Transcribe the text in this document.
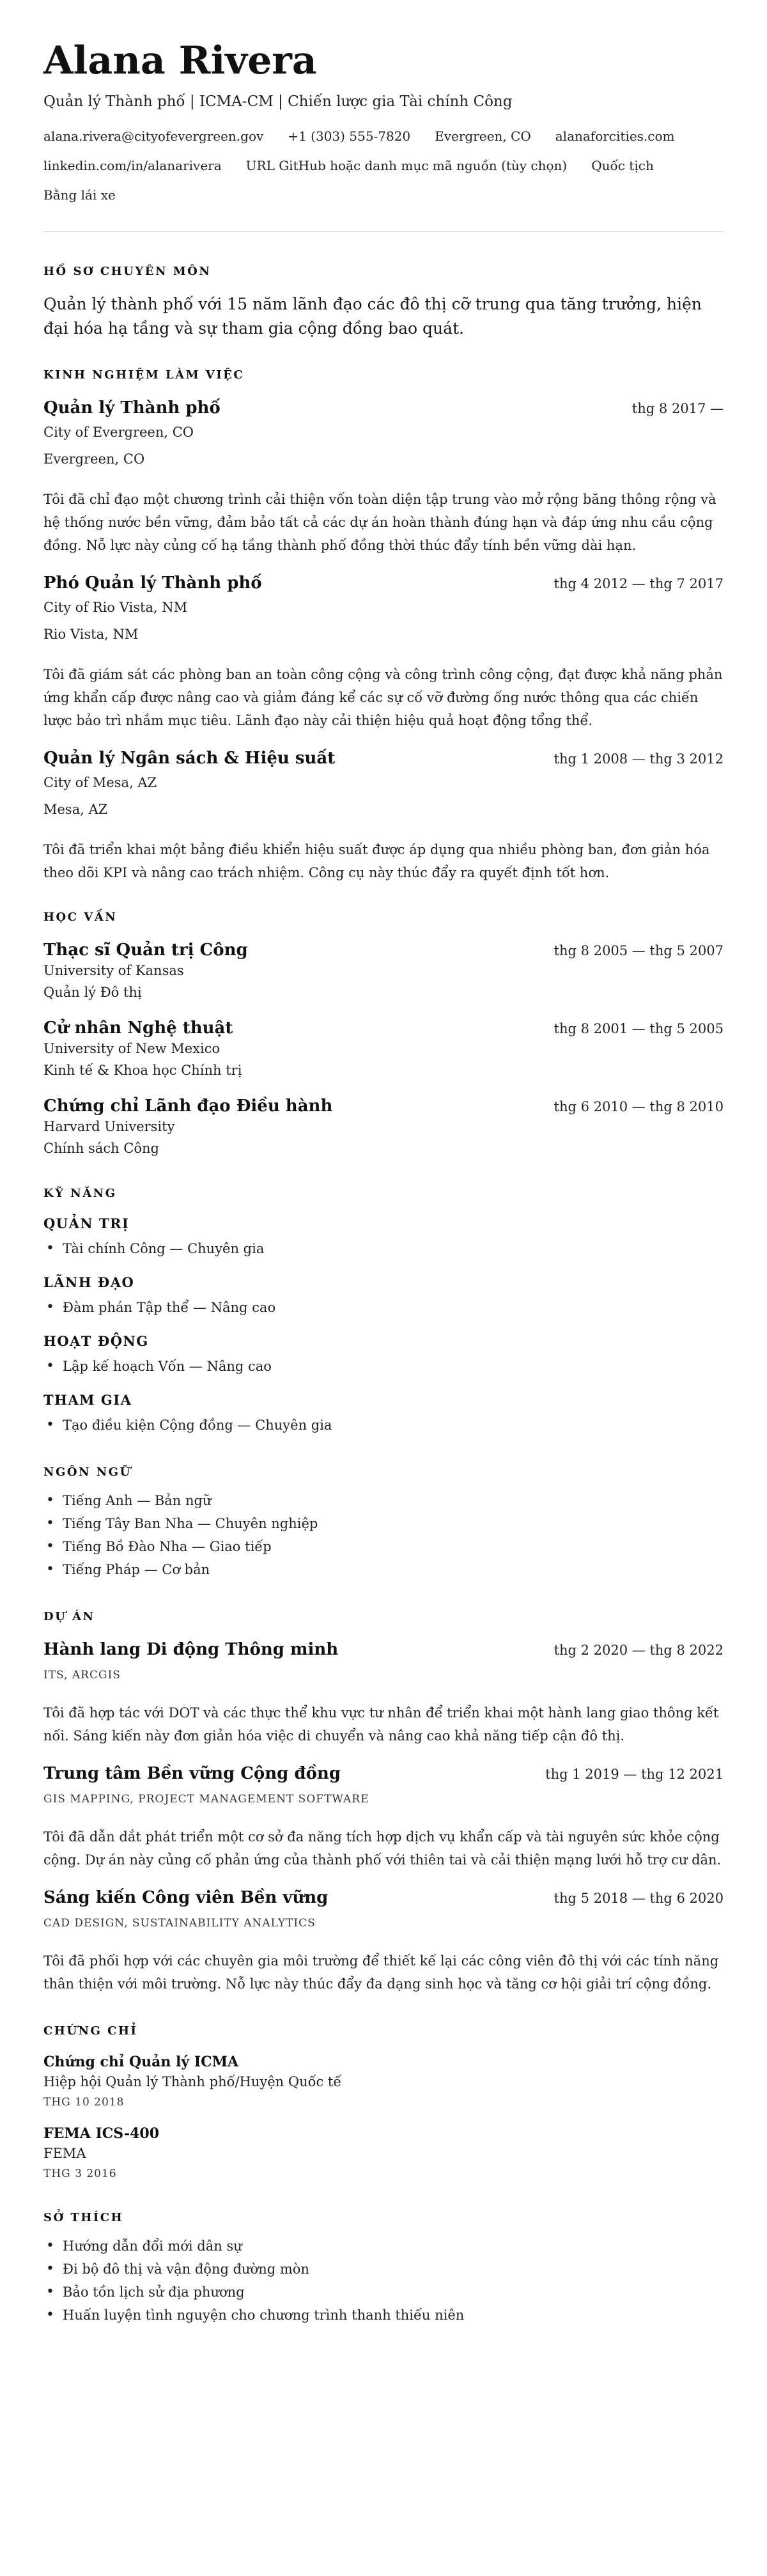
Alana Rivera
Quản lý Thành phố | ICMA-CM | Chiến lược gia Tài chính Công
alana.rivera@cityofevergreen.gov +1 (303) 555-7820 Evergreen, CO alanaforcities.com
linkedin.com/in/alanarivera URL GitHub hoặc danh mục mã nguồn (tùy chọn) Quốc tịch
Bằng lái xe
HỒ SƠ CHUYÊN MÔN
Quản lý thành phố với 15 năm lãnh đạo các đô thị cỡ trung qua tăng trưởng, hiện đại hóa hạ tầng và sự tham gia cộng đồng bao quát.
KINH NGHIỆM LÀM VIỆC
Quản lý Thành phố	thg 8 2017 —
City of Evergreen, CO
Evergreen, CO
Tôi đã chỉ đạo một chương trình cải thiện vốn toàn diện tập trung vào mở rộng băng thông rộng và hệ thống nước bền vững, đảm bảo tất cả các dự án hoàn thành đúng hạn và đáp ứng nhu cầu cộng đồng. Nỗ lực này củng cố hạ tầng thành phố đồng thời thúc đẩy tính bền vững dài hạn.
Phó Quản lý Thành phố	thg 4 2012 — thg 7 2017
City of Rio Vista, NM
Rio Vista, NM
Tôi đã giám sát các phòng ban an toàn công cộng và công trình công cộng, đạt được khả năng phản ứng khẩn cấp được nâng cao và giảm đáng kể các sự cố vỡ đường ống nước thông qua các chiến lược bảo trì nhắm mục tiêu. Lãnh đạo này cải thiện hiệu quả hoạt động tổng thể.
Quản lý Ngân sách & Hiệu suất	thg 1 2008 — thg 3 2012
City of Mesa, AZ
Mesa, AZ
Tôi đã triển khai một bảng điều khiển hiệu suất được áp dụng qua nhiều phòng ban, đơn giản hóa theo dõi KPI và nâng cao trách nhiệm. Công cụ này thúc đẩy ra quyết định tốt hơn.
HỌC VẤN
Thạc sĩ Quản trị Công	thg 8 2005 — thg 5 2007
University of Kansas
Quản lý Đô thị
Cử nhân Nghệ thuật	thg 8 2001 — thg 5 2005
University of New Mexico
Kinh tế & Khoa học Chính trị
Chứng chỉ Lãnh đạo Điều hành	thg 6 2010 — thg 8 2010
Harvard University
Chính sách Công
KỸ NĂNG
QUẢN TRỊ
• Tài chính Công — Chuyên gia
LÃNH ĐẠO
• Đàm phán Tập thể — Nâng cao
HOẠT ĐỘNG
• Lập kế hoạch Vốn — Nâng cao
THAM GIA
• Tạo điều kiện Cộng đồng — Chuyên gia
NGÔN NGỮ
• Tiếng Anh — Bản ngữ
• Tiếng Tây Ban Nha — Chuyên nghiệp
• Tiếng Bồ Đào Nha — Giao tiếp
• Tiếng Pháp — Cơ bản
DỰ ÁN
Hành lang Di động Thông minh	thg 2 2020 — thg 8 2022
ITS, ARCGIS
Tôi đã hợp tác với DOT và các thực thể khu vực tư nhân để triển khai một hành lang giao thông kết nối. Sáng kiến này đơn giản hóa việc di chuyển và nâng cao khả năng tiếp cận đô thị.
Trung tâm Bền vững Cộng đồng	thg 1 2019 — thg 12 2021
GIS MAPPING, PROJECT MANAGEMENT SOFTWARE
Tôi đã dẫn dắt phát triển một cơ sở đa năng tích hợp dịch vụ khẩn cấp và tài nguyên sức khỏe cộng cộng. Dự án này củng cố phản ứng của thành phố với thiên tai và cải thiện mạng lưới hỗ trợ cư dân.
Sáng kiến Công viên Bền vững	thg 5 2018 — thg 6 2020
CAD DESIGN, SUSTAINABILITY ANALYTICS
Tôi đã phối hợp với các chuyên gia môi trường để thiết kế lại các công viên đô thị với các tính năng thân thiện với môi trường. Nỗ lực này thúc đẩy đa dạng sinh học và tăng cơ hội giải trí cộng đồng.
CHỨNG CHỈ
Chứng chỉ Quản lý ICMA
Hiệp hội Quản lý Thành phố/Huyện Quốc tế
THG 10 2018
FEMA ICS-400
FEMA
THG 3 2016
SỞ THÍCH
• Hướng dẫn đổi mới dân sự
• Đi bộ đô thị và vận động đường mòn
• Bảo tồn lịch sử địa phương
• Huấn luyện tình nguyện cho chương trình thanh thiếu niên
